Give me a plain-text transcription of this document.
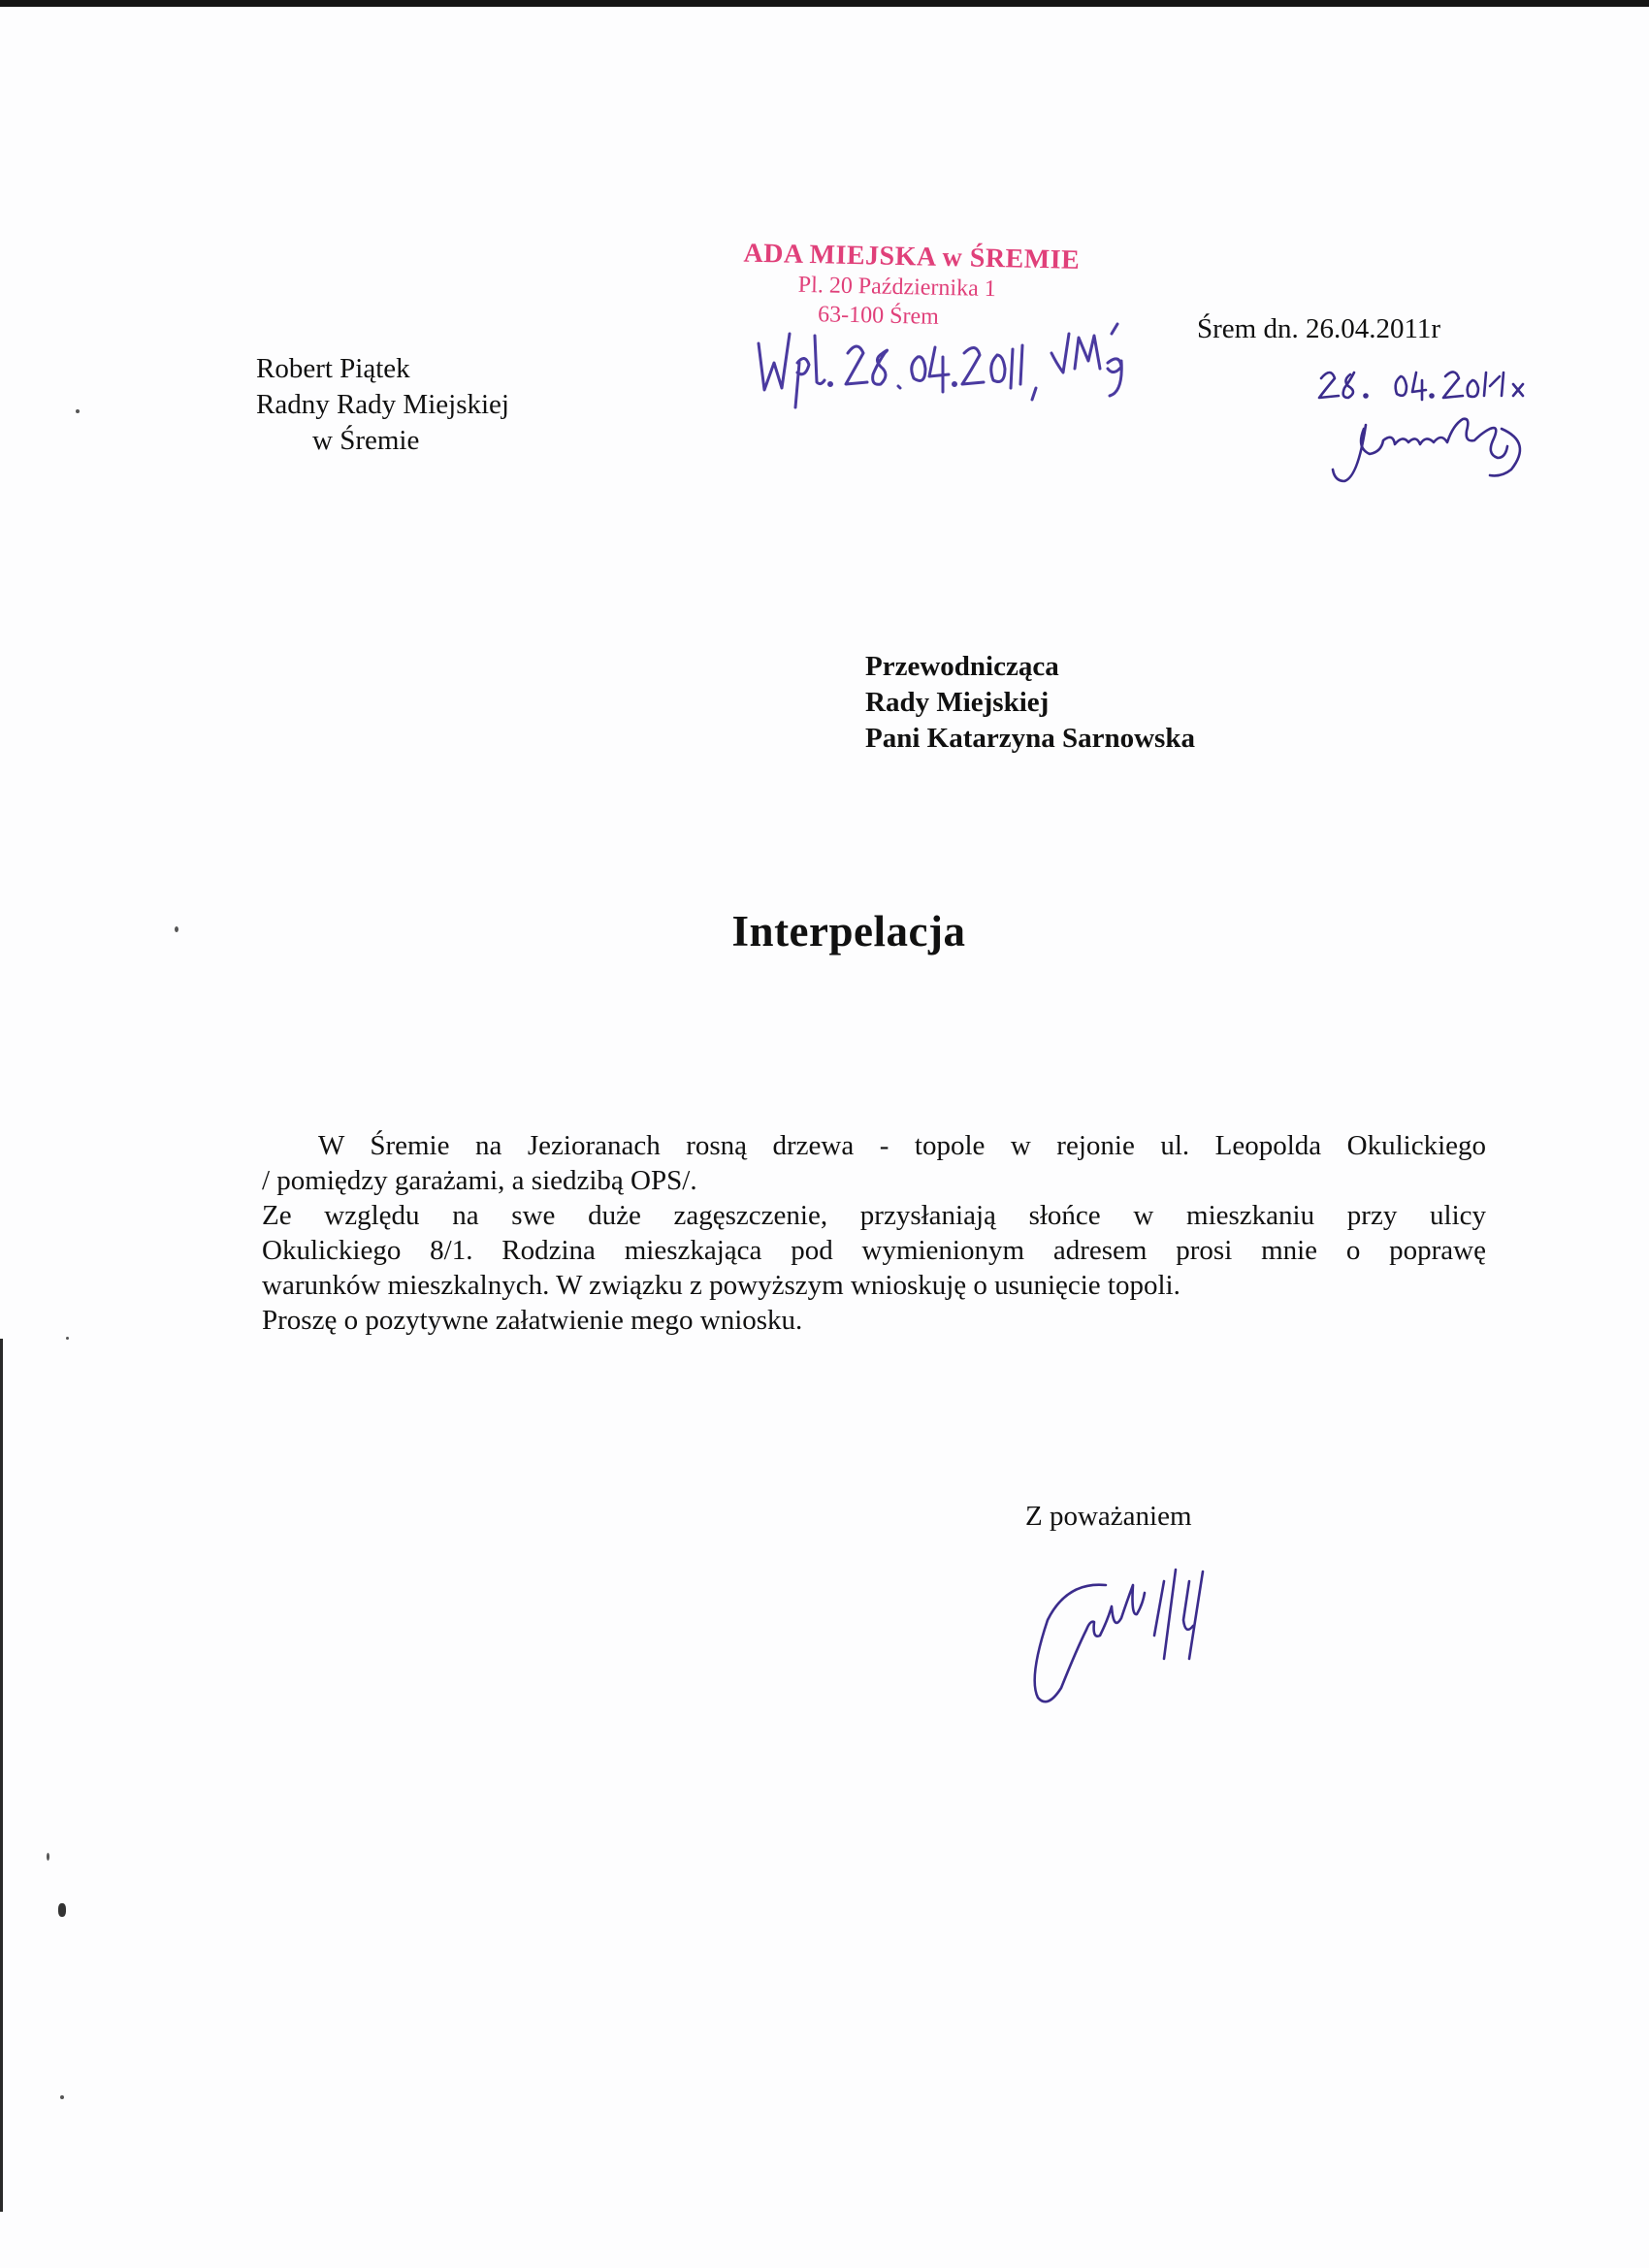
Robert Piątek
Radny Rady Miejskiej
w Śremie
ADA MIEJSKA w ŚREMIE
Pl. 20 Października 1
63-100 Śrem	Śrem dn. 26.04.2011r
Przewodnicząca
Rady Miejskiej
Pani Katarzyna Sarnowska
Interpelacja
W Śremie na Jezioranach rosną drzewa - topole w rejonie ul. Leopolda Okulickiego
/ pomiędzy garażami, a siedzibą OPS/.
Ze względu na swe duże zagęszczenie, przysłaniają słońce w mieszkaniu przy ulicy
Okulickiego 8/1. Rodzina mieszkająca pod wymienionym adresem prosi mnie o poprawę
warunków mieszkalnych. W związku z powyższym wnioskuję o usunięcie topoli.
Proszę o pozytywne załatwienie mego wniosku.
Z poważaniem
